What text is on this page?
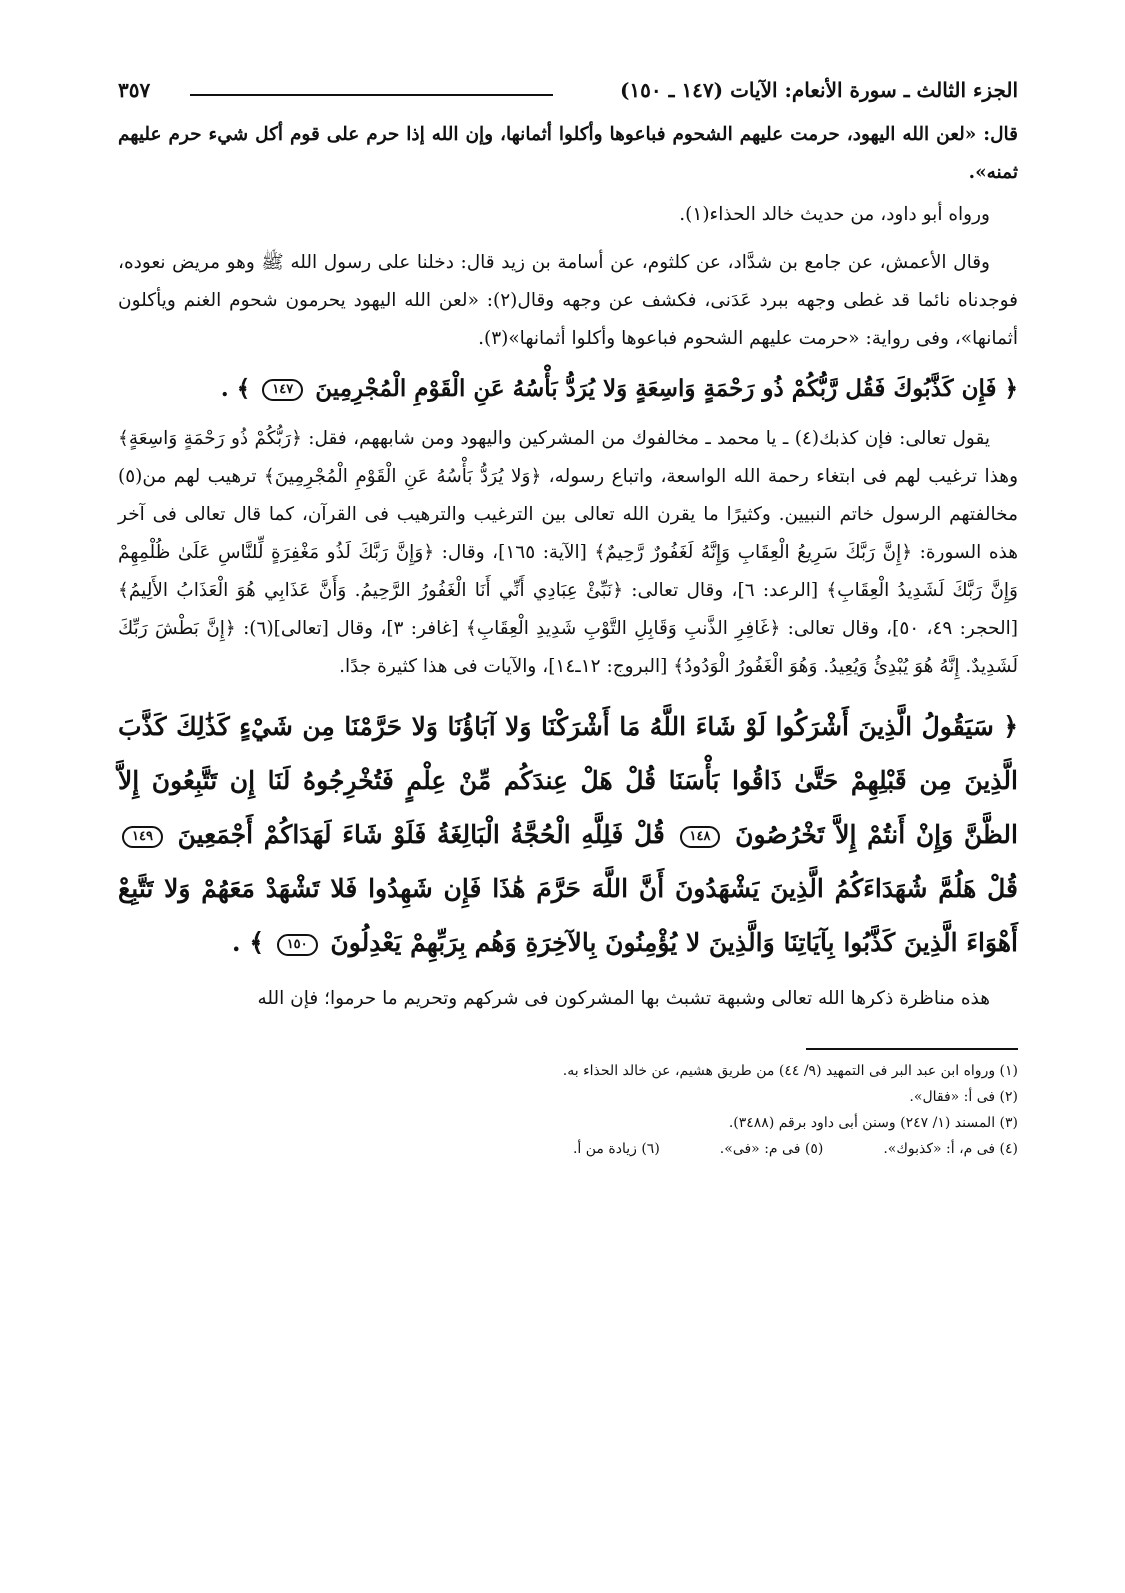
الجزء الثالث ـ سورة الأنعام: الآيات (١٤٧ ـ ١٥٠)
٣٥٧

قال: «لعن الله اليهود، حرمت عليهم الشحوم فباعوها وأكلوا أثمانها، وإن الله إذا حرم على قوم أكل شيء حرم عليهم ثمنه».

ورواه أبو داود، من حديث خالد الحذاء(١).

وقال الأعمش، عن جامع بن شدَّاد، عن كلثوم، عن أسامة بن زيد قال: دخلنا على رسول الله ﷺ وهو مريض نعوده، فوجدناه نائما قد غطى وجهه ببرد عَدَنى، فكشف عن وجهه وقال(٢): «لعن الله اليهود يحرمون شحوم الغنم ويأكلون أثمانها»، وفى رواية: «حرمت عليهم الشحوم فباعوها وأكلوا أثمانها»(٣).

﴿ فَإِن كَذَّبُوكَ فَقُل رَّبُّكُمْ ذُو رَحْمَةٍ وَاسِعَةٍ وَلا يُرَدُّ بَأْسُهُ عَنِ الْقَوْمِ الْمُجْرِمِينَ ١٤٧ ﴾ .

يقول تعالى: فإن كذبك(٤) ـ يا محمد ـ مخالفوك من المشركين واليهود ومن شابههم، فقل: ﴿رَبُّكُمْ ذُو رَحْمَةٍ وَاسِعَةٍ﴾ وهذا ترغيب لهم فى ابتغاء رحمة الله الواسعة، واتباع رسوله، ﴿وَلا يُرَدُّ بَأْسُهُ عَنِ الْقَوْمِ الْمُجْرِمِينَ﴾ ترهيب لهم من(٥) مخالفتهم الرسول خاتم النبيين. وكثيرًا ما يقرن الله تعالى بين الترغيب والترهيب فى القرآن، كما قال تعالى فى آخر هذه السورة: ﴿إِنَّ رَبَّكَ سَرِيعُ الْعِقَابِ وَإِنَّهُ لَغَفُورٌ رَّحِيمٌ﴾ [الآية: ١٦٥]، وقال: ﴿وَإِنَّ رَبَّكَ لَذُو مَغْفِرَةٍ لِّلنَّاسِ عَلَىٰ ظُلْمِهِمْ وَإِنَّ رَبَّكَ لَشَدِيدُ الْعِقَابِ﴾ [الرعد: ٦]، وقال تعالى: ﴿نَبِّئْ عِبَادِي أَنِّي أَنَا الْغَفُورُ الرَّحِيمُ. وَأَنَّ عَذَابِي هُوَ الْعَذَابُ الأَلِيمُ﴾ [الحجر: ٤٩، ٥٠]، وقال تعالى: ﴿غَافِرِ الذَّنبِ وَقَابِلِ التَّوْبِ شَدِيدِ الْعِقَابِ﴾ [غافر: ٣]، وقال [تعالى](٦): ﴿إِنَّ بَطْشَ رَبِّكَ لَشَدِيدٌ. إِنَّهُ هُوَ يُبْدِئُ وَيُعِيدُ. وَهُوَ الْغَفُورُ الْوَدُودُ﴾ [البروج: ١٢ـ١٤]، والآيات فى هذا كثيرة جدًا.

﴿ سَيَقُولُ الَّذِينَ أَشْرَكُوا لَوْ شَاءَ اللَّهُ مَا أَشْرَكْنَا وَلا آبَاؤُنَا وَلا حَرَّمْنَا مِن شَيْءٍ كَذَٰلِكَ كَذَّبَ الَّذِينَ مِن قَبْلِهِمْ حَتَّىٰ ذَاقُوا بَأْسَنَا قُلْ هَلْ عِندَكُم مِّنْ عِلْمٍ فَتُخْرِجُوهُ لَنَا إِن تَتَّبِعُونَ إِلاَّ الظَّنَّ وَإِنْ أَنتُمْ إِلاَّ تَخْرُصُونَ ١٤٨ قُلْ فَلِلَّهِ الْحُجَّةُ الْبَالِغَةُ فَلَوْ شَاءَ لَهَدَاكُمْ أَجْمَعِينَ ١٤٩ قُلْ هَلُمَّ شُهَدَاءَكُمُ الَّذِينَ يَشْهَدُونَ أَنَّ اللَّهَ حَرَّمَ هَٰذَا فَإِن شَهِدُوا فَلا تَشْهَدْ مَعَهُمْ وَلا تَتَّبِعْ أَهْوَاءَ الَّذِينَ كَذَّبُوا بِآيَاتِنَا وَالَّذِينَ لا يُؤْمِنُونَ بِالآخِرَةِ وَهُم بِرَبِّهِمْ يَعْدِلُونَ ١٥٠ ﴾ .

هذه مناظرة ذكرها الله تعالى وشبهة تشبث بها المشركون فى شركهم وتحريم ما حرموا؛ فإن الله

(١) ورواه ابن عبد البر فى التمهيد (٩/ ٤٤) من طريق هشيم، عن خالد الحذاء به.
(٢) فى أ: «فقال».
(٣) المسند (١/ ٢٤٧) وسنن أبى داود برقم (٣٤٨٨).
(٤) فى م، أ: «كذبوك».
(٥) فى م: «فى».
(٦) زيادة من أ.
